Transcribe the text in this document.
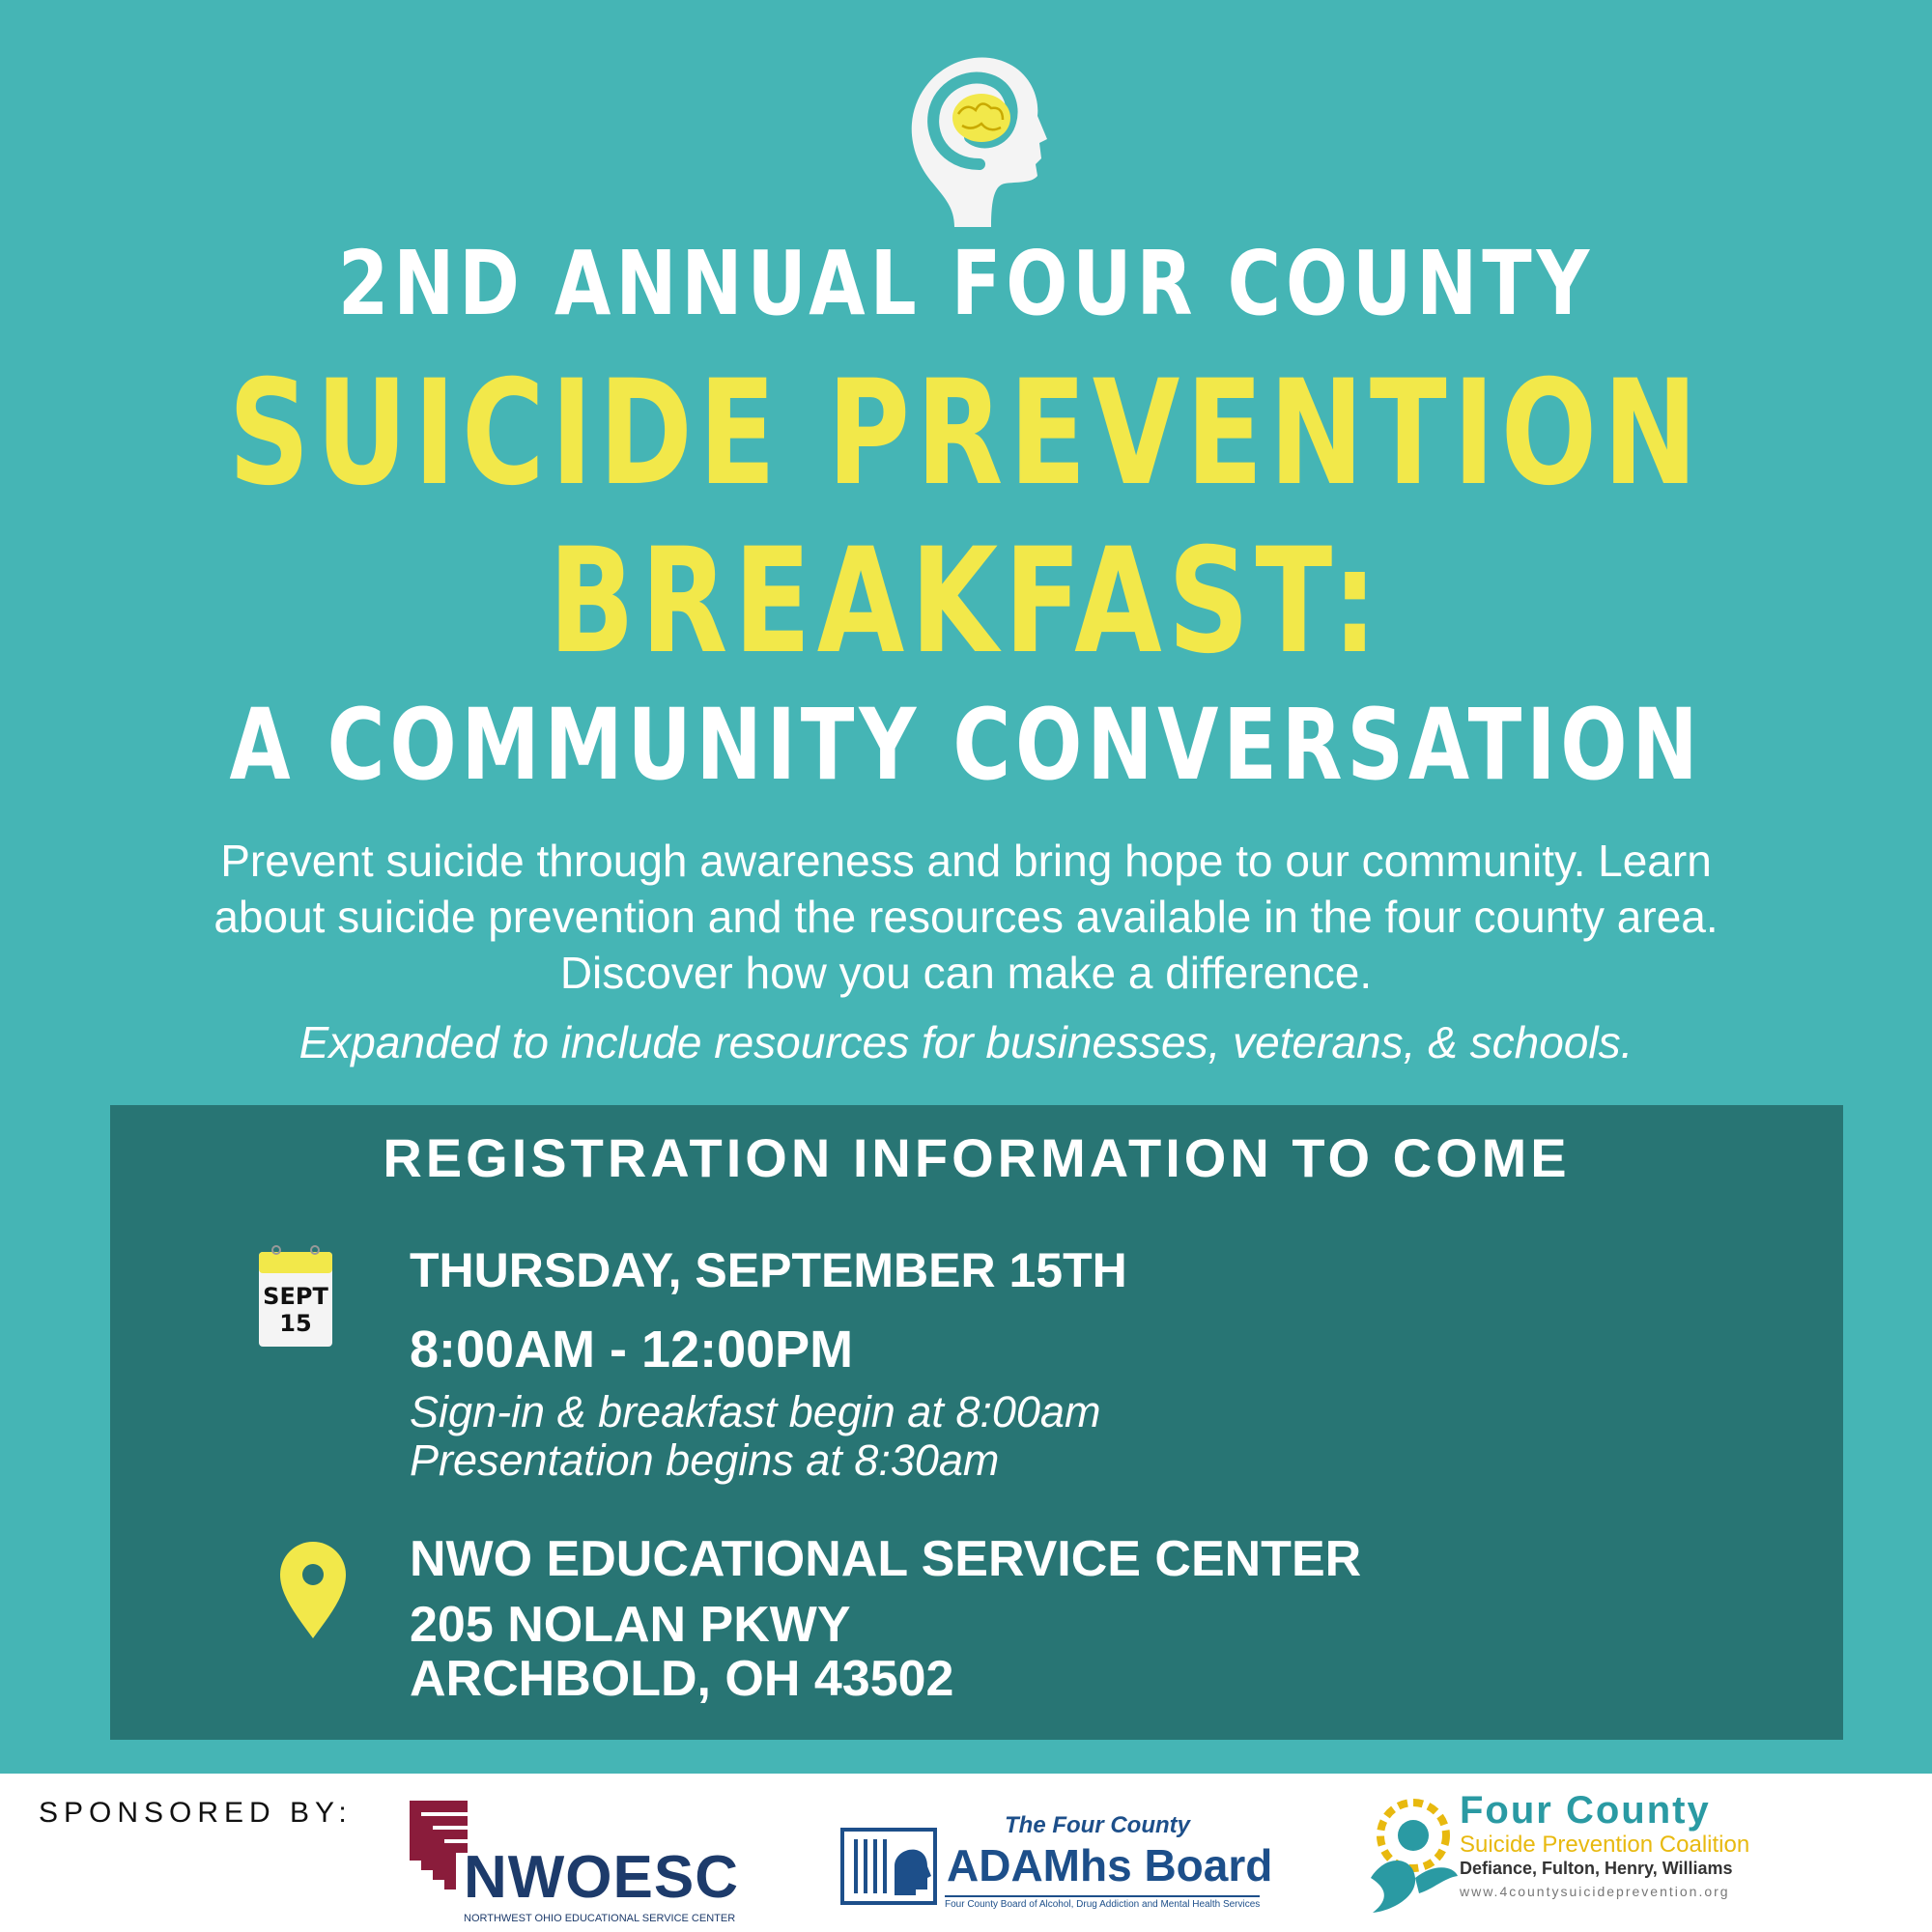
2ND ANNUAL FOUR COUNTY
SUICIDE PREVENTION
BREAKFAST:
A COMMUNITY CONVERSATION
Prevent suicide through awareness and bring hope to our community. Learn
about suicide prevention and the resources available in the four county area.
Discover how you can make a difference.
Expanded to include resources for businesses, veterans, & schools.
REGISTRATION INFORMATION TO COME
SEPT
15
THURSDAY, SEPTEMBER 15TH
8:00AM - 12:00PM
Sign-in & breakfast begin at 8:00am
Presentation begins at 8:30am
NWO EDUCATIONAL SERVICE CENTER
205 NOLAN PKWY
ARCHBOLD, OH 43502
SPONSORED BY:
NWOESC
NORTHWEST OHIO EDUCATIONAL SERVICE CENTER
The Four County
ADAMhs Board
Four County Board of Alcohol, Drug Addiction and Mental Health Services
Four County
Suicide Prevention Coalition
Defiance, Fulton, Henry, Williams
www.4countysuicideprevention.org
